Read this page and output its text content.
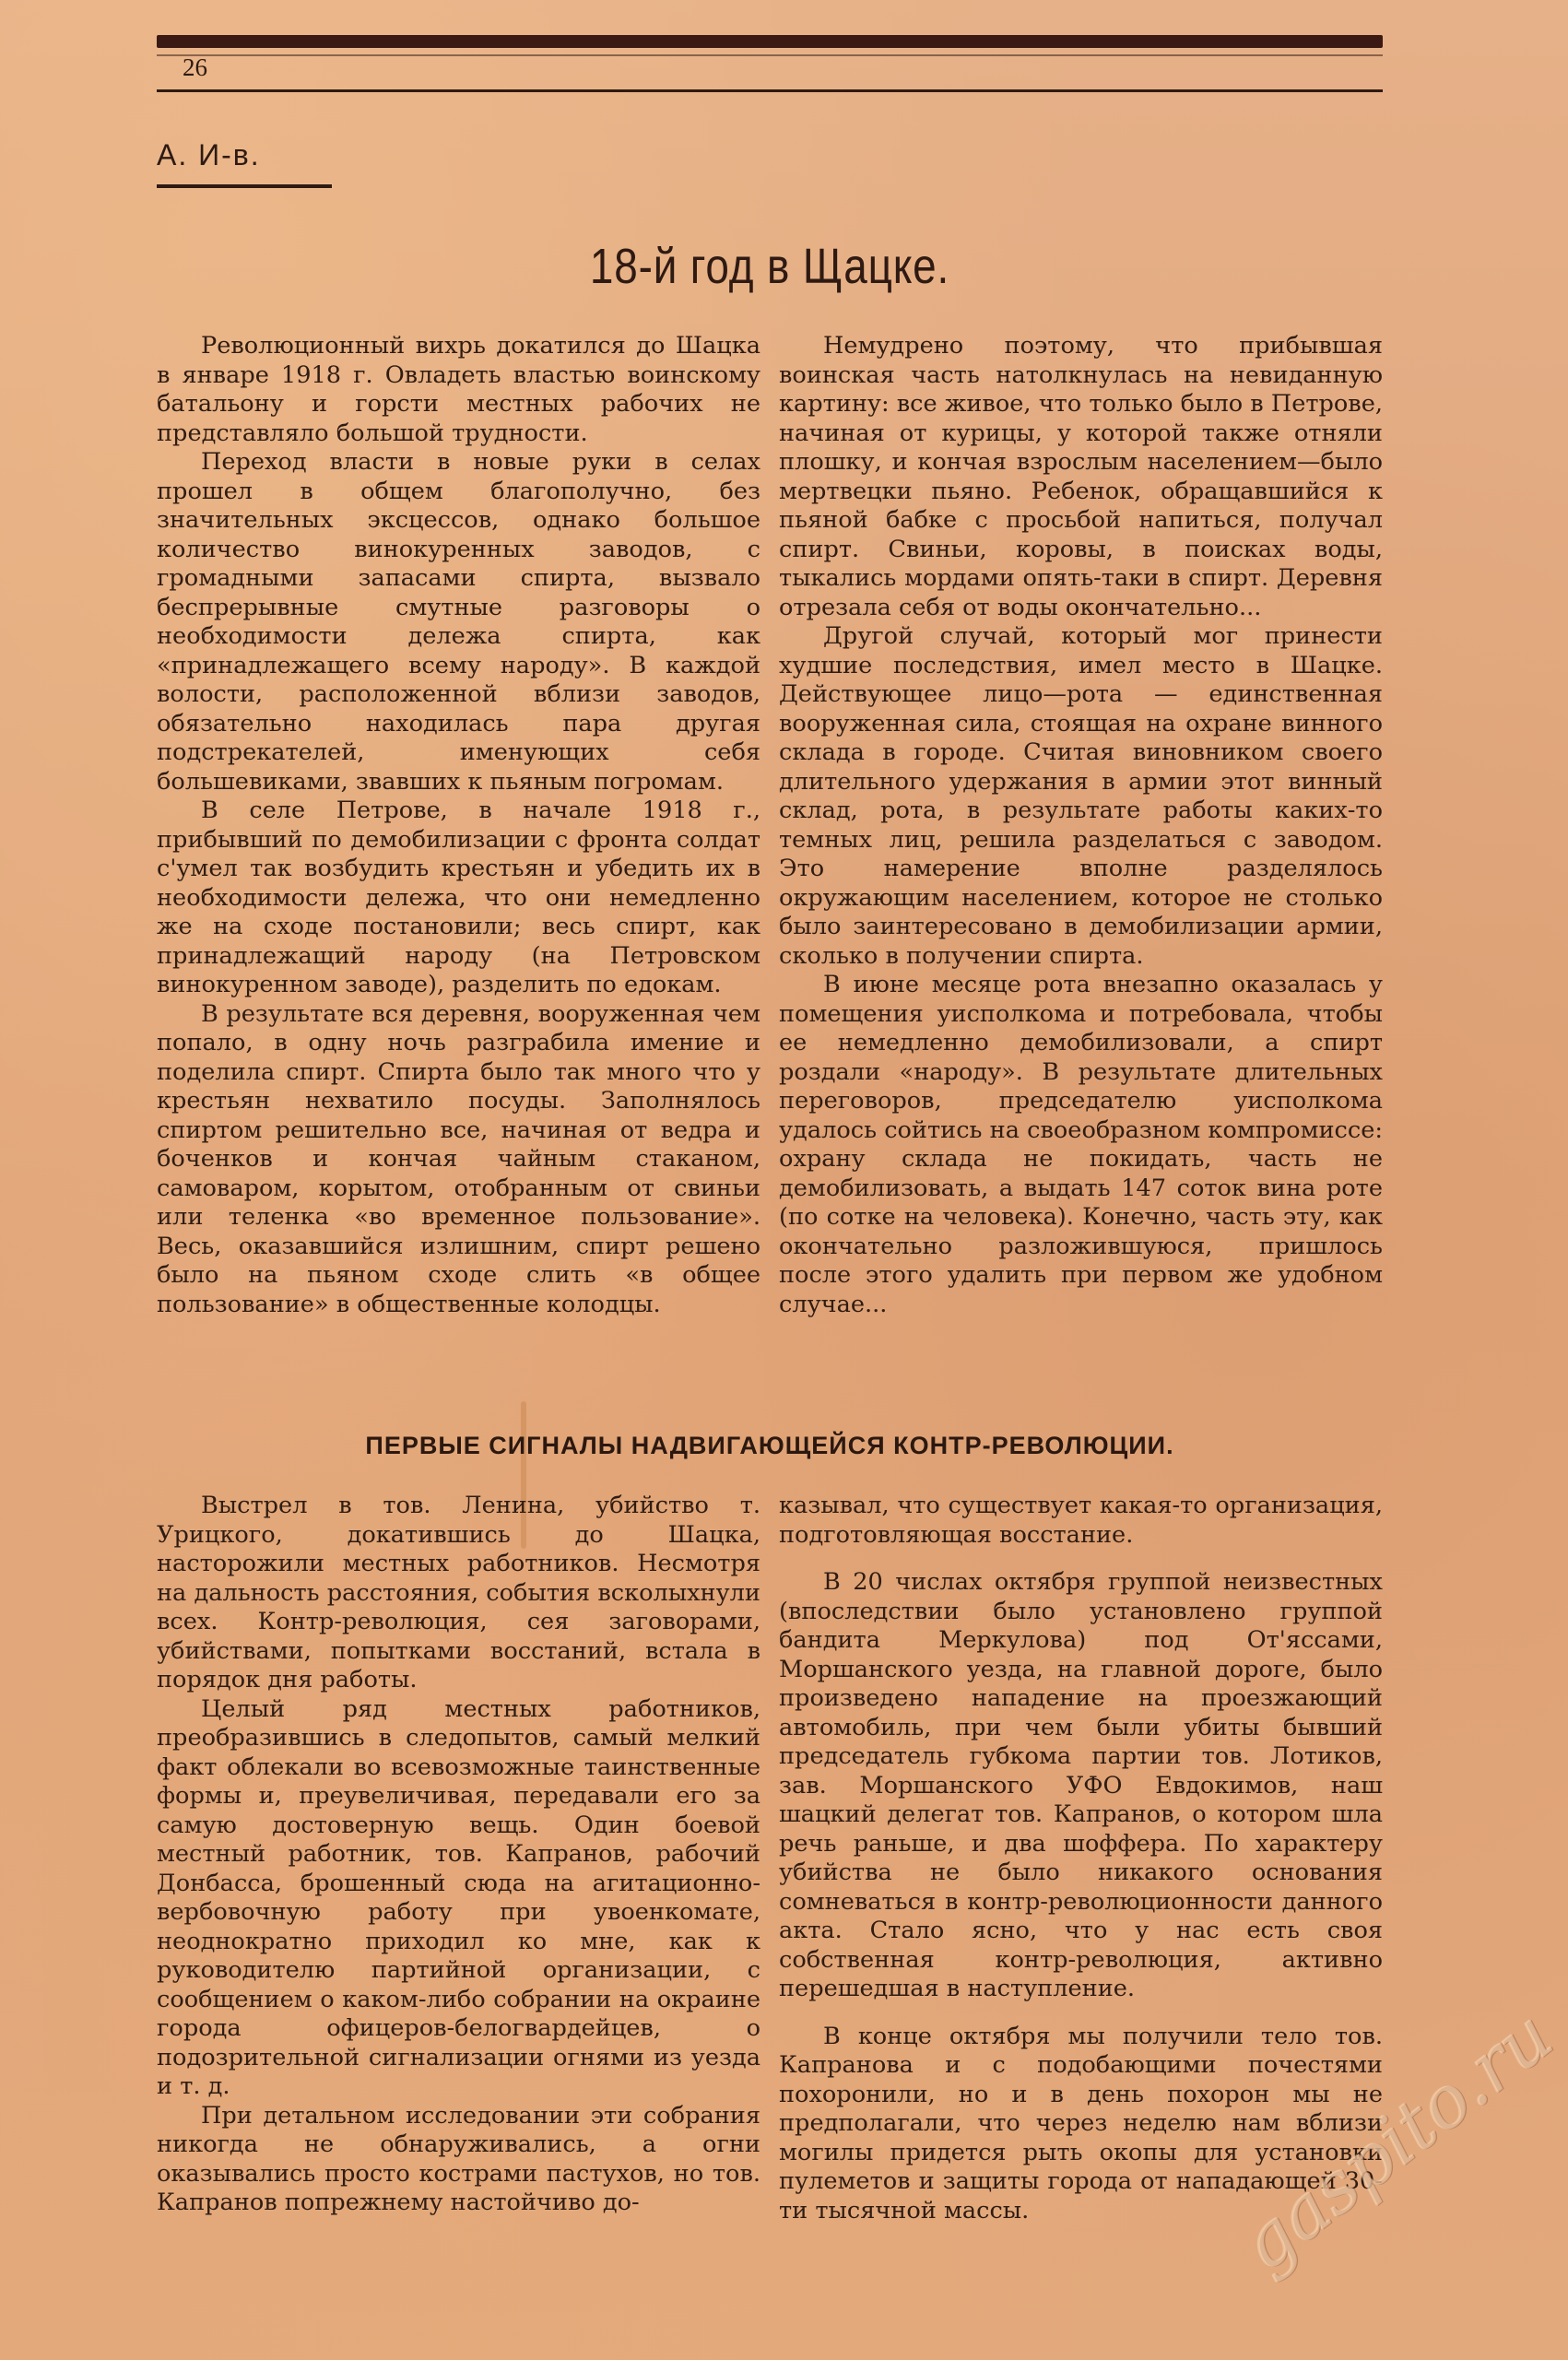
26
А. И-в.
18-й год в Щацке.

Революционный вихрь докатился до Шацка в январе 1918 г. Овладеть властью воинскому батальону и горсти местных рабочих не представляло большой трудности.

Переход власти в новые руки в селах прошел в общем благополучно, без значительных эксцессов, однако большое количество винокуренных заводов, с громадными запасами спирта, вызвало беспрерывные смутные разговоры о необходимости дележа спирта, как «принадлежащего всему народу». В каждой волости, расположенной вблизи заводов, обязательно находилась пара другая подстрекателей, именующих себя большевиками, звавших к пьяным погромам.

В селе Петрове, в начале 1918 г., прибывший по демобилизации с фронта солдат с'умел так возбудить крестьян и убедить их в необходимости дележа, что они немедленно же на сходе постановили; весь спирт, как принадлежащий народу (на Петровском винокуренном заводе), разделить по едокам.

В результате вся деревня, вооруженная чем попало, в одну ночь разграбила имение и поделила спирт. Спирта было так много что у крестьян нехватило посуды. Заполнялось спиртом решительно все, начиная от ведра и боченков и кончая чайным стаканом, самоваром, корытом, отобранным от свиньи или теленка «во временное пользование». Весь, оказавшийся излишним, спирт решено было на пьяном сходе слить «в общее пользование» в общественные колодцы.

Немудрено поэтому, что прибывшая воинская часть натолкнулась на невиданную картину: все живое, что только было в Петрове, начиная от курицы, у которой также отняли плошку, и кончая взрослым населением—было мертвецки пьяно. Ребенок, обращавшийся к пьяной бабке с просьбой напиться, получал спирт. Свиньи, коровы, в поисках воды, тыкались мордами опять-таки в спирт. Деревня отрезала себя от воды окончательно...

Другой случай, который мог принести худшие последствия, имел место в Шацке. Действующее лицо—рота — единственная вооруженная сила, стоящая на охране винного склада в городе. Считая виновником своего длительного удержания в армии этот винный склад, рота, в результате работы каких-то темных лиц, решила разделаться с заводом. Это намерение вполне разделялось окружающим населением, которое не столько было заинтересовано в демобилизации армии, сколько в получении спирта.

В июне месяце рота внезапно оказалась у помещения уисполкома и потребовала, чтобы ее немедленно демобилизовали, а спирт роздали «народу». В результате длительных переговоров, председателю уисполкома удалось сойтись на своеобразном компромиссе: охрану склада не покидать, часть не демобилизовать, а выдать 147 соток вина роте (по сотке на человека). Конечно, часть эту, как окончательно разложившуюся, пришлось после этого удалить при первом же удобном случае...

ПЕРВЫЕ СИГНАЛЫ НАДВИГАЮЩЕЙСЯ КОНТР-РЕВОЛЮЦИИ.

Выстрел в тов. Ленина, убийство т. Урицкого, докатившись до Шацка, насторожили местных работников. Несмотря на дальность расстояния, события всколыхнули всех. Контр-революция, сея заговорами, убийствами, попытками восстаний, встала в порядок дня работы.

Целый ряд местных работников, преобразившись в следопытов, самый мелкий факт облекали во всевозможные таинственные формы и, преувеличивая, передавали его за самую достоверную вещь. Один боевой местный работник, тов. Капранов, рабочий Донбасса, брошенный сюда на агитационно-вербовочную работу при увоенкомате, неоднократно приходил ко мне, как к руководителю партийной организации, с сообщением о каком-либо собрании на окраине города офицеров-белогвардейцев, о подозрительной сигнализации огнями из уезда и т. д.

При детальном исследовании эти собрания никогда не обнаруживались, а огни оказывались просто кострами пастухов, но тов. Капранов попрежнему настойчиво до-

казывал, что существует какая-то организация, подготовляющая восстание.

В 20 числах октября группой неизвестных (впоследствии было установлено группой бандита Меркулова) под От'яссами, Моршанского уезда, на главной дороге, было произведено нападение на проезжающий автомобиль, при чем были убиты бывший председатель губкома партии тов. Лотиков, зав. Моршанского УФО Евдокимов, наш шацкий делегат тов. Капранов, о котором шла речь раньше, и два шоффера. По характеру убийства не было никакого основания сомневаться в контр-революционности данного акта. Стало ясно, что у нас есть своя собственная контр-революция, активно перешедшая в наступление.

В конце октября мы получили тело тов. Капранова и с подобающими почестями похоронили, но и в день похорон мы не предполагали, что через неделю нам вблизи могилы придется рыть окопы для установки пулеметов и защиты города от нападающей 30-ти тысячной массы.	gaspito.ru
